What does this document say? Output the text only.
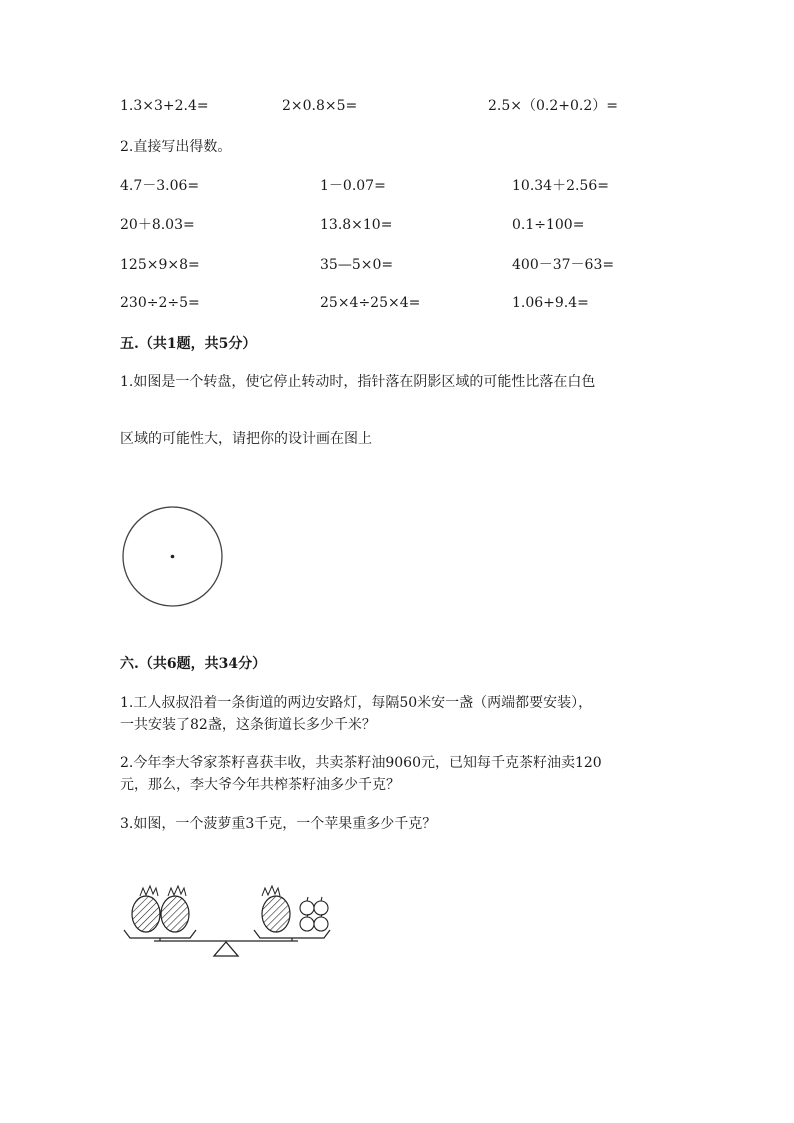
1.3×3+2.4=	2×0.8×5=	2.5×（0.2+0.2）=
2.直接写出得数。
4.7－3.06=	1－0.07=	10.34＋2.56=
20＋8.03=	13.8×10=	0.1÷100=
125×9×8=	35—5×0=	400－37－63=
230÷2÷5=	25×4÷25×4=	1.06+9.4=
五.（共1题，共5分）
1.如图是一个转盘，使它停止转动时，指针落在阴影区域的可能性比落在白色
区域的可能性大，请把你的设计画在图上
六.（共6题，共34分）
1.工人叔叔沿着一条街道的两边安路灯，每隔50米安一盏（两端都要安装），
一共安装了82盏，这条街道长多少千米？
2.今年李大爷家茶籽喜获丰收，共卖茶籽油9060元，已知每千克茶籽油卖120
元，那么，李大爷今年共榨茶籽油多少千克？
3.如图，一个菠萝重3千克，一个苹果重多少千克？
